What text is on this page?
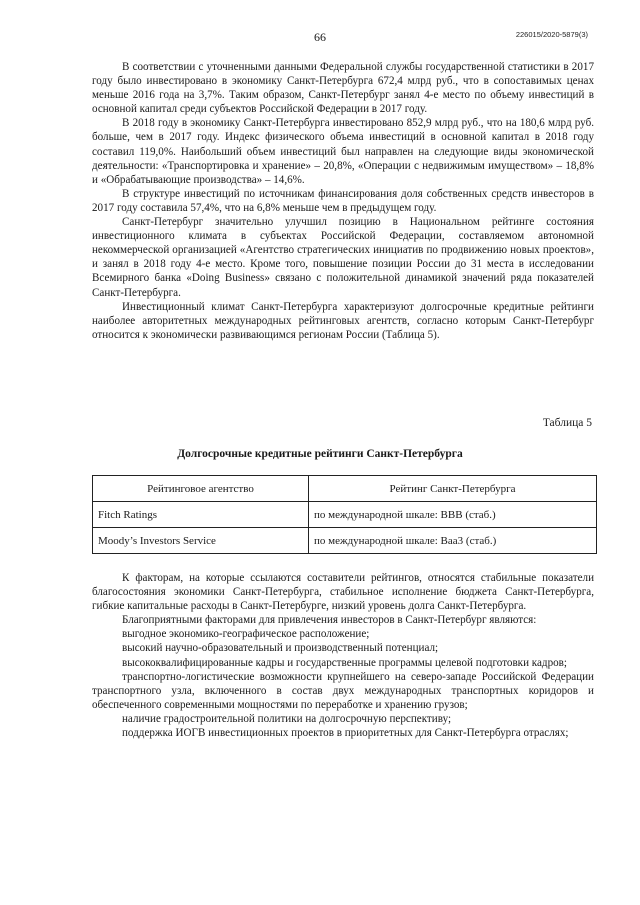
226015/2020-5879(3)
66

В соответствии с уточненными данными Федеральной службы государственной статистики в 2017 году было инвестировано в экономику Санкт-Петербурга 672,4 млрд руб., что в сопоставимых ценах меньше 2016 года на 3,7%. Таким образом, Санкт-Петербург занял 4-е место по объему инвестиций в основной капитал среди субъектов Российской Федерации в 2017 году.

В 2018 году в экономику Санкт-Петербурга инвестировано 852,9 млрд руб., что на 180,6 млрд руб. больше, чем в 2017 году. Индекс физического объема инвестиций в основной капитал в 2018 году составил 119,0%. Наибольший объем инвестиций был направлен на следующие виды экономической деятельности: «Транспортировка и хранение» – 20,8%, «Операции с недвижимым имуществом» – 18,8% и «Обрабатывающие производства» – 14,6%.

В структуре инвестиций по источникам финансирования доля собственных средств инвесторов в 2017 году составила 57,4%, что на 6,8% меньше чем в предыдущем году.

Санкт-Петербург значительно улучшил позицию в Национальном рейтинге состояния инвестиционного климата в субъектах Российской Федерации, составляемом автономной некоммерческой организацией «Агентство стратегических инициатив по продвижению новых проектов», и занял в 2018 году 4-е место. Кроме того, повышение позиции России до 31 места в исследовании Всемирного банка «Doing Business» связано с положительной динамикой значений ряда показателей Санкт-Петербурга.

Инвестиционный климат Санкт-Петербурга характеризуют долгосрочные кредитные рейтинги наиболее авторитетных международных рейтинговых агентств, согласно которым Санкт-Петербург относится к экономически развивающимся регионам России (Таблица 5).

Таблица 5
Долгосрочные кредитные рейтинги Санкт-Петербурга
Рейтинговое агентство	Рейтинг Санкт-Петербурга
Fitch Ratings	по международной шкале: BBB (стаб.)
Moody’s Investors Service	по международной шкале: Baa3 (стаб.)

К факторам, на которые ссылаются составители рейтингов, относятся стабильные показатели благосостояния экономики Санкт-Петербурга, стабильное исполнение бюджета Санкт-Петербурга, гибкие капитальные расходы в Санкт-Петербурге, низкий уровень долга Санкт-Петербурга.

Благоприятными факторами для привлечения инвесторов в Санкт-Петербург являются:

выгодное экономико-географическое расположение;

высокий научно-образовательный и производственный потенциал;

высококвалифицированные кадры и государственные программы целевой подготовки кадров;

транспортно-логистические возможности крупнейшего на северо-западе Российской Федерации транспортного узла, включенного в состав двух международных транспортных коридоров и обеспеченного современными мощностями по переработке и хранению грузов;

наличие градостроительной политики на долгосрочную перспективу;

поддержка ИОГВ инвестиционных проектов в приоритетных для Санкт-Петербурга отраслях;
